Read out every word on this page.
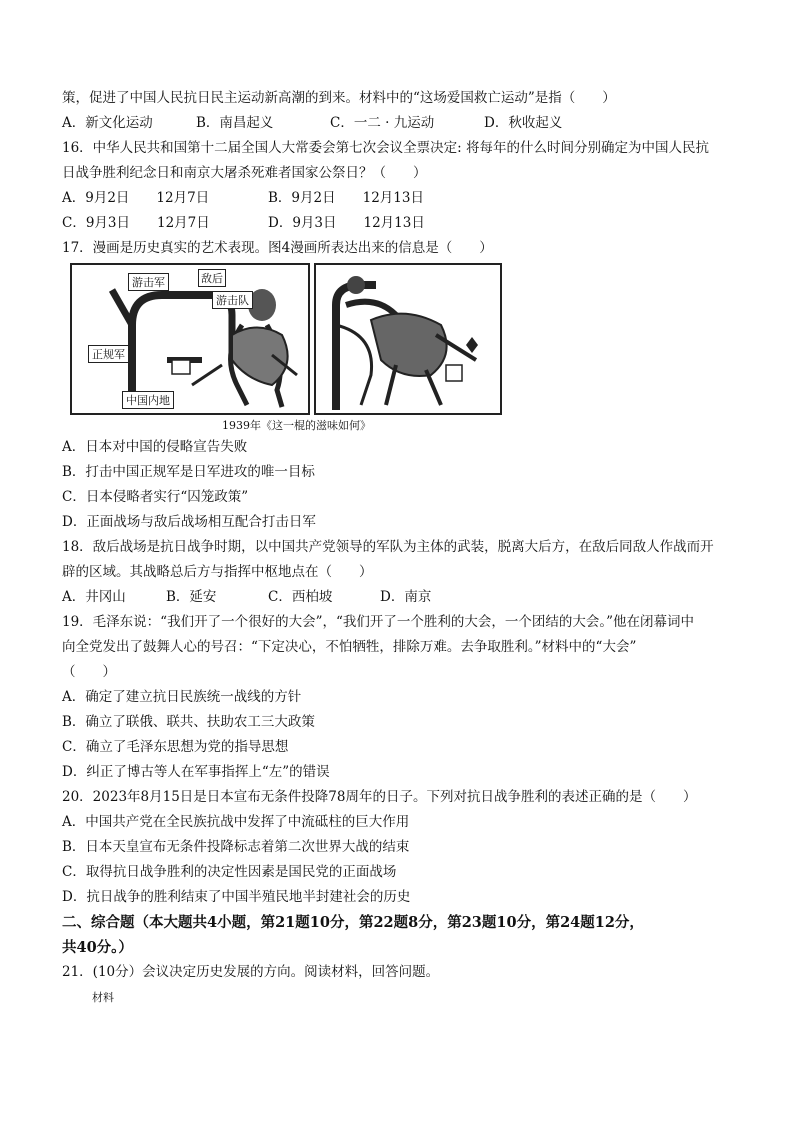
策，促进了中国人民抗日民主运动新高潮的到来。材料中的“这场爱国救亡运动”是指（　　）
A．新文化运动	B．南昌起义	C．一二 · 九运动	D．秋收起义
16．中华人民共和国第十二届全国人大常委会第七次会议全票决定: 将每年的什么时间分别确定为中国人民抗
日战争胜利纪念日和南京大屠杀死难者国家公祭日？（　　）
A．9月2日　　12月7日	B．9月2日　　12月13日
C．9月3日　　12月7日	D．9月3日　　12月13日
17．漫画是历史真实的艺术表现。图4漫画所表达出来的信息是（　　）
游击军	敌后
游击队
正规军
中国内地
1939年《这一棍的滋味如何》
A．日本对中国的侵略宣告失败
B．打击中国正规军是日军进攻的唯一目标
C．日本侵略者实行“囚笼政策”
D．正面战场与敌后战场相互配合打击日军
18．敌后战场是抗日战争时期，以中国共产党领导的军队为主体的武装，脱离大后方，在敌后同敌人作战而开
辟的区域。其战略总后方与指挥中枢地点在（　　）
A．井冈山	B．延安	C．西柏坡	D．南京
19．毛泽东说：“我们开了一个很好的大会”，“我们开了一个胜利的大会，一个团结的大会。”他在闭幕词中
向全党发出了鼓舞人心的号召：“下定决心，不怕牺牲，排除万难。去争取胜利。”材料中的“大会”
（　　）
A．确定了建立抗日民族统一战线的方针
B．确立了联俄、联共、扶助农工三大政策
C．确立了毛泽东思想为党的指导思想
D．纠正了博古等人在军事指挥上“左”的错误
20．2023年8月15日是日本宣布无条件投降78周年的日子。下列对抗日战争胜利的表述正确的是（　　）
A．中国共产党在全民族抗战中发挥了中流砥柱的巨大作用
B．日本天皇宣布无条件投降标志着第二次世界大战的结束
C．取得抗日战争胜利的决定性因素是国民党的正面战场
D．抗日战争的胜利结束了中国半殖民地半封建社会的历史
二、综合题（本大题共4小题，第21题10分，第22题8分，第23题10分，第24题12分，
共40分。）
21．(10分）会议决定历史发展的方向。阅读材料，回答问题。
材料
